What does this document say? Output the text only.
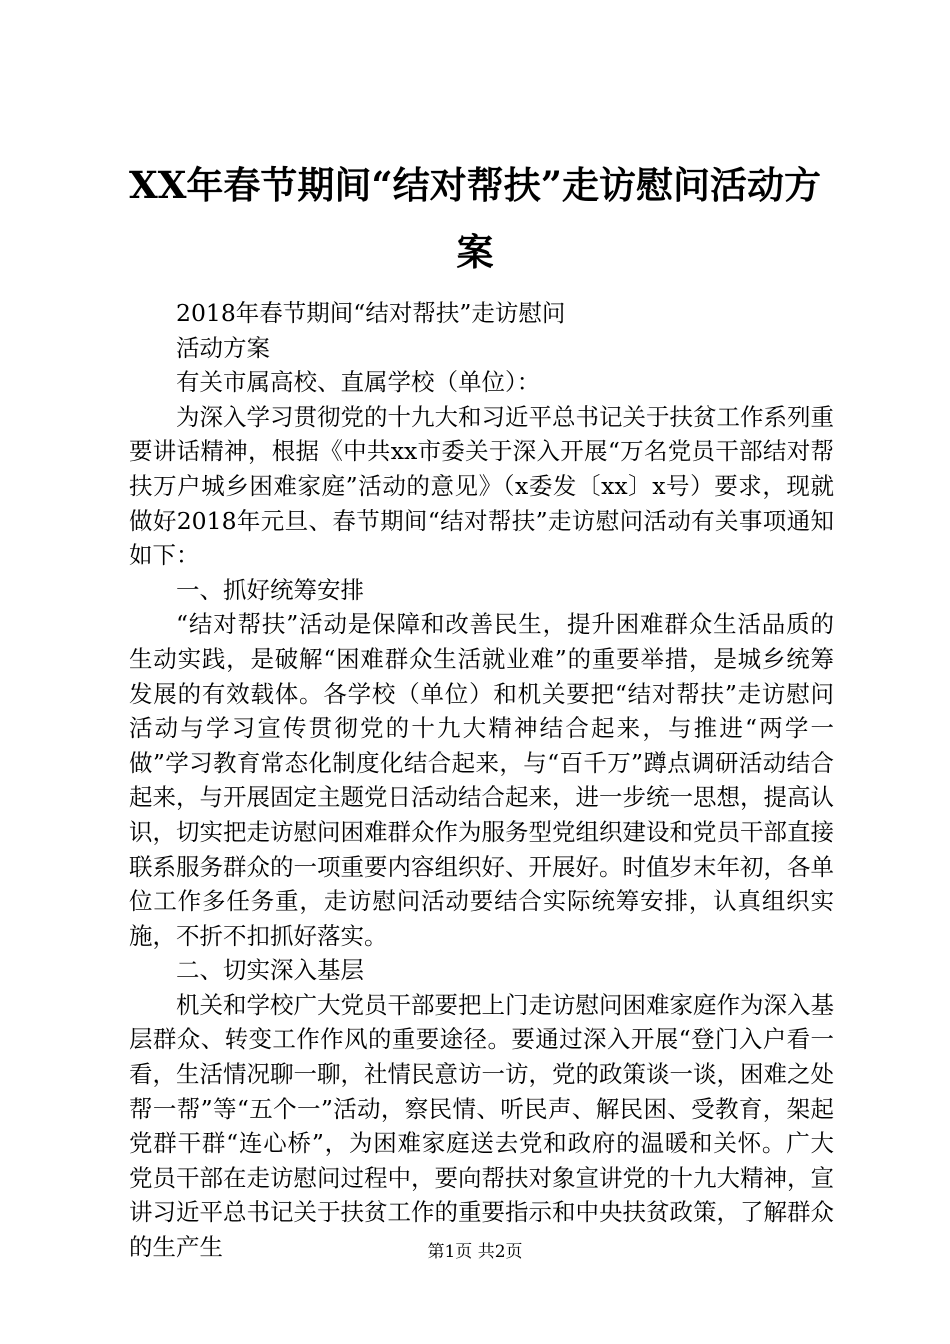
XX年春节期间“结对帮扶”走访慰问活动方
案

2018年春节期间“结对帮扶”走访慰问

活动方案

有关市属高校、直属学校（单位）：

为深入学习贯彻党的十九大和习近平总书记关于扶贫工作系列重要讲话精神，根据《中共xx市委关于深入开展“万名党员干部结对帮扶万户城乡困难家庭”活动的意见》（x委发〔xx〕x号）要求，现就做好2018年元旦、春节期间“结对帮扶”走访慰问活动有关事项通知如下：

一、抓好统筹安排

“结对帮扶”活动是保障和改善民生，提升困难群众生活品质的生动实践，是破解“困难群众生活就业难”的重要举措，是城乡统筹发展的有效载体。各学校（单位）和机关要把“结对帮扶”走访慰问活动与学习宣传贯彻党的十九大精神结合起来，与推进“两学一做”学习教育常态化制度化结合起来，与“百千万”蹲点调研活动结合起来，与开展固定主题党日活动结合起来，进一步统一思想，提高认识，切实把走访慰问困难群众作为服务型党组织建设和党员干部直接联系服务群众的一项重要内容组织好、开展好。时值岁末年初，各单位工作多任务重，走访慰问活动要结合实际统筹安排，认真组织实施，不折不扣抓好落实。

二、切实深入基层

机关和学校广大党员干部要把上门走访慰问困难家庭作为深入基层群众、转变工作作风的重要途径。要通过深入开展“登门入户看一看，生活情况聊一聊，社情民意访一访，党的政策谈一谈，困难之处帮一帮”等“五个一”活动，察民情、听民声、解民困、受教育，架起党群干群“连心桥”，为困难家庭送去党和政府的温暖和关怀。广大党员干部在走访慰问过程中，要向帮扶对象宣讲党的十九大精神，宣讲习近平总书记关于扶贫工作的重要指示和中央扶贫政策，了解群众的生产生	第1页 共2页
